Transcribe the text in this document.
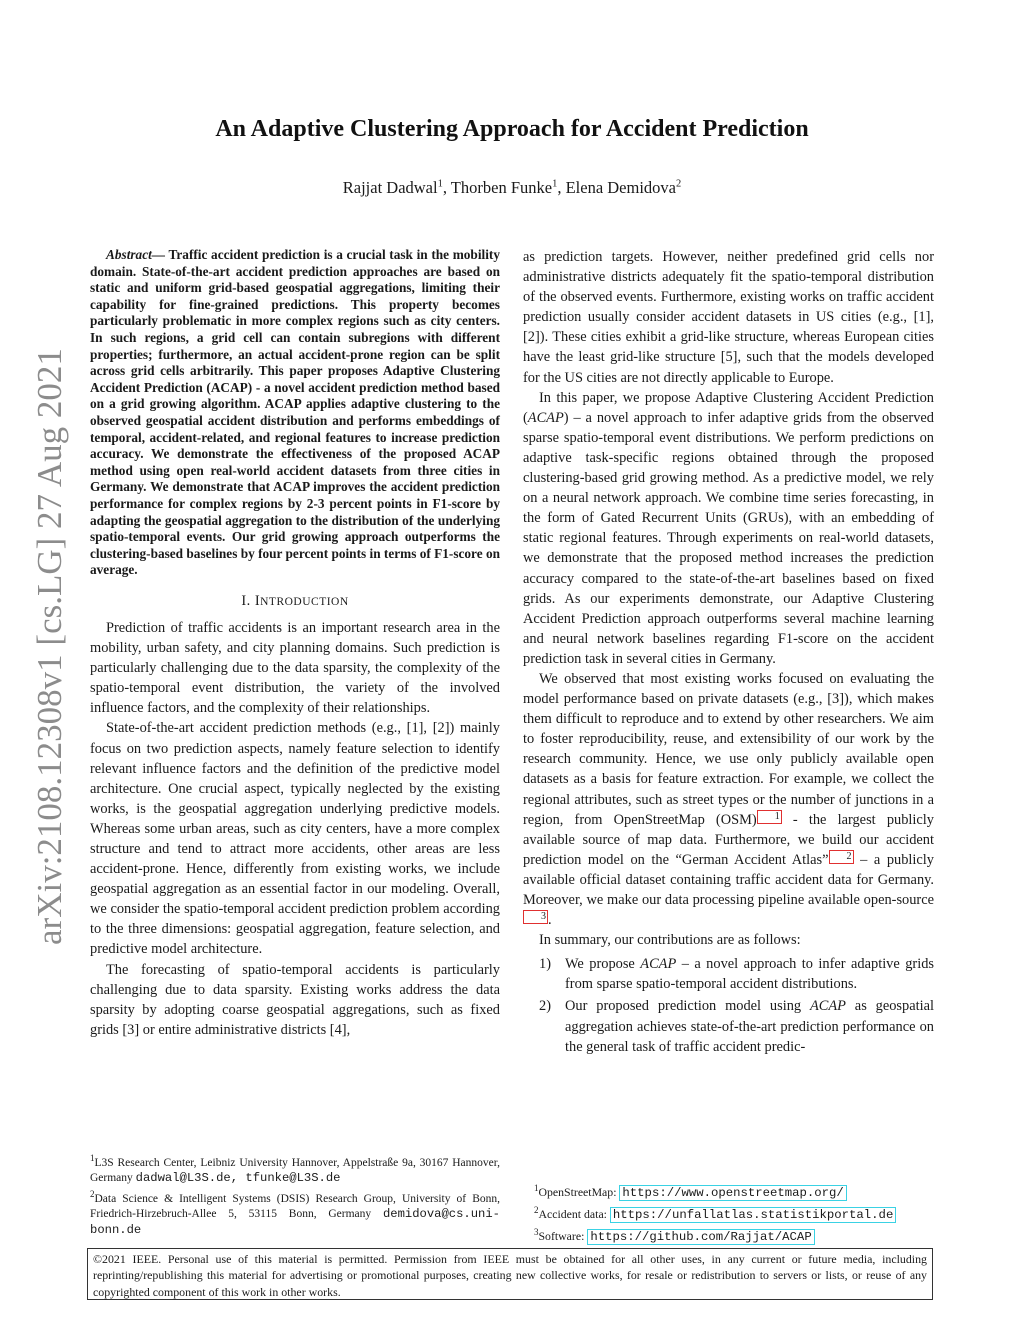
arXiv:2108.12308v1 [cs.LG] 27 Aug 2021
An Adaptive Clustering Approach for Accident Prediction
Rajjat Dadwal$^1$, Thorben Funke$^1$, Elena Demidova$^2$

Abstract— Traffic accident prediction is a crucial task in the mobility domain. State-of-the-art accident prediction approaches are based on static and uniform grid-based geospatial aggregations, limiting their capability for fine-grained predictions. This property becomes particularly problematic in more complex regions such as city centers. In such regions, a grid cell can contain subregions with different properties; furthermore, an actual accident-prone region can be split across grid cells arbitrarily. This paper proposes Adaptive Clustering Accident Prediction (ACAP) - a novel accident prediction method based on a grid growing algorithm. ACAP applies adaptive clustering to the observed geospatial accident distribution and performs embeddings of temporal, accident-related, and regional features to increase prediction accuracy. We demonstrate the effectiveness of the proposed ACAP method using open real-world accident datasets from three cities in Germany. We demonstrate that ACAP improves the accident prediction performance for complex regions by 2-3 percent points in F1-score by adapting the geospatial aggregation to the distribution of the underlying spatio-temporal events. Our grid growing approach outperforms the clustering-based baselines by four percent points in terms of F1-score on average.

I. INTRODUCTION

Prediction of traffic accidents is an important research area in the mobility, urban safety, and city planning domains. Such prediction is particularly challenging due to the data sparsity, the complexity of the spatio-temporal event distribution, the variety of the involved influence factors, and the complexity of their relationships.

State-of-the-art accident prediction methods (e.g., [1], [2]) mainly focus on two prediction aspects, namely feature selection to identify relevant influence factors and the definition of the predictive model architecture. One crucial aspect, typically neglected by the existing works, is the geospatial aggregation underlying predictive models. Whereas some urban areas, such as city centers, have a more complex structure and tend to attract more accidents, other areas are less accident-prone. Hence, differently from existing works, we include geospatial aggregation as an essential factor in our modeling. Overall, we consider the spatio-temporal accident prediction problem according to the three dimensions: geospatial aggregation, feature selection, and predictive model architecture.

The forecasting of spatio-temporal accidents is particularly challenging due to data sparsity. Existing works address the data sparsity by adopting coarse geospatial aggregations, such as fixed grids [3] or entire administrative districts [4],

as prediction targets. However, neither predefined grid cells nor administrative districts adequately fit the spatio-temporal distribution of the observed events. Furthermore, existing works on traffic accident prediction usually consider accident datasets in US cities (e.g., [1], [2]). These cities exhibit a grid-like structure, whereas European cities have the least grid-like structure [5], such that the models developed for the US cities are not directly applicable to Europe.

In this paper, we propose Adaptive Clustering Accident Prediction (ACAP) – a novel approach to infer adaptive grids from the observed sparse spatio-temporal event distributions. We perform predictions on adaptive task-specific regions obtained through the proposed clustering-based grid growing method. As a predictive model, we rely on a neural network approach. We combine time series forecasting, in the form of Gated Recurrent Units (GRUs), with an embedding of static regional features. Through experiments on real-world datasets, we demonstrate that the proposed method increases the prediction accuracy compared to the state-of-the-art baselines based on fixed grids. As our experiments demonstrate, our Adaptive Clustering Accident Prediction approach outperforms several machine learning and neural network baselines regarding F1-score on the accident prediction task in several cities in Germany.

We observed that most existing works focused on evaluating the model performance based on private datasets (e.g., [3]), which makes them difficult to reproduce and to extend by other researchers. We aim to foster reproducibility, reuse, and extensibility of our work by the research community. Hence, we use only publicly available open datasets as a basis for feature extraction. For example, we collect the regional attributes, such as street types or the number of junctions in a region, from OpenStreetMap (OSM) $^1$ - the largest publicly available source of map data. Furthermore, we build our accident prediction model on the “German Accident Atlas” $^2$ – a publicly available official dataset containing traffic accident data for Germany. Moreover, we make our data processing pipeline available open-source$^3$ .

In summary, our contributions are as follows:

1) We propose ACAP – a novel approach to infer adaptive grids from sparse spatio-temporal accident distributions.
2) Our proposed prediction model using ACAP as geospatial aggregation achieves state-of-the-art prediction performance on the general task of traffic accident predic-
$^1$L3S Research Center, Leibniz University Hannover, Appelstraße 9a, 30167 Hannover, Germany dadwal@L3S.de, tfunke@L3S.de
$^2$Data Science & Intelligent Systems (DSIS) Research Group, University of Bonn, Friedrich-Hirzebruch-Allee 5, 53115 Bonn, Germany demidova@cs.uni-bonn.de
$^1$OpenStreetMap: https://www.openstreetmap.org/
$^2$Accident data: https://unfallatlas.statistikportal.de
$^3$Software: https://github.com/Rajjat/ACAP
©2021 IEEE. Personal use of this material is permitted. Permission from IEEE must be obtained for all other uses, in any current or future media, including reprinting/republishing this material for advertising or promotional purposes, creating new collective works, for resale or redistribution to servers or lists, or reuse of any copyrighted component of this work in other works.
